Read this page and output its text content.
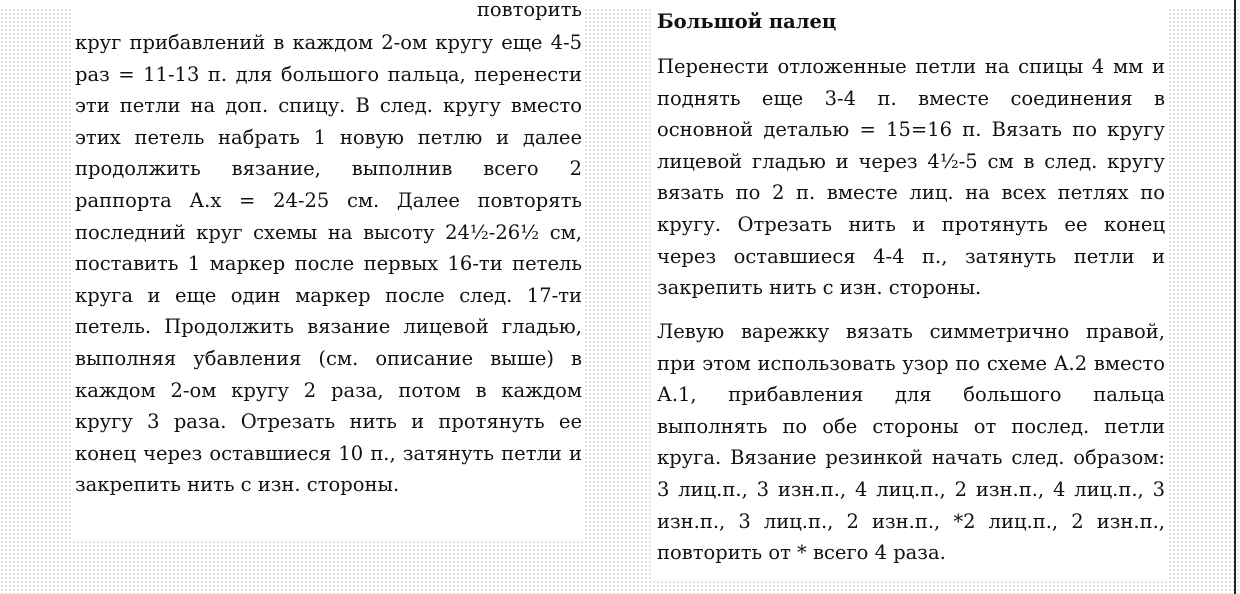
повторить

круг прибавлений в каждом 2-ом кругу еще 4-5 раз = 11-13 п. для большого пальца, перенести эти петли на доп. спицу. В след. кругу вместо этих петель набрать 1 новую петлю и далее продолжить вязание, выполнив всего 2 раппорта А.х = 24-25 см. Далее повторять последний круг схемы на высоту 24½-26½ см, поставить 1 маркер после первых 16-ти петель круга и еще один маркер после след. 17-ти петель. Продолжить вязание лицевой гладью, выполняя убавления (см. описание выше) в каждом 2-ом кругу 2 раза, потом в каждом кругу 3 раза. Отрезать нить и протянуть ее конец через оставшиеся 10 п., затянуть петли и закрепить нить с изн. стороны.

Большой палец

Перенести отложенные петли на спицы 4 мм и поднять еще 3-4 п. вместе соединения в основной деталью = 15=16 п. Вязать по кругу лицевой гладью и через 4½-5 см в след. кругу вязать по 2 п. вместе лиц. на всех петлях по кругу. Отрезать нить и протянуть ее конец через оставшиеся 4-4 п., затянуть петли и закрепить нить с изн. стороны.

Левую варежку вязать симметрично правой, при этом использовать узор по схеме А.2 вместо А.1, прибавления для большого пальца выполнять по обе стороны от послед. петли круга. Вязание резинкой начать след. образом: 3 лиц.п., 3 изн.п., 4 лиц.п., 2 изн.п., 4 лиц.п., 3 изн.п., 3 лиц.п., 2 изн.п., *2 лиц.п., 2 изн.п., повторить от * всего 4 раза.
